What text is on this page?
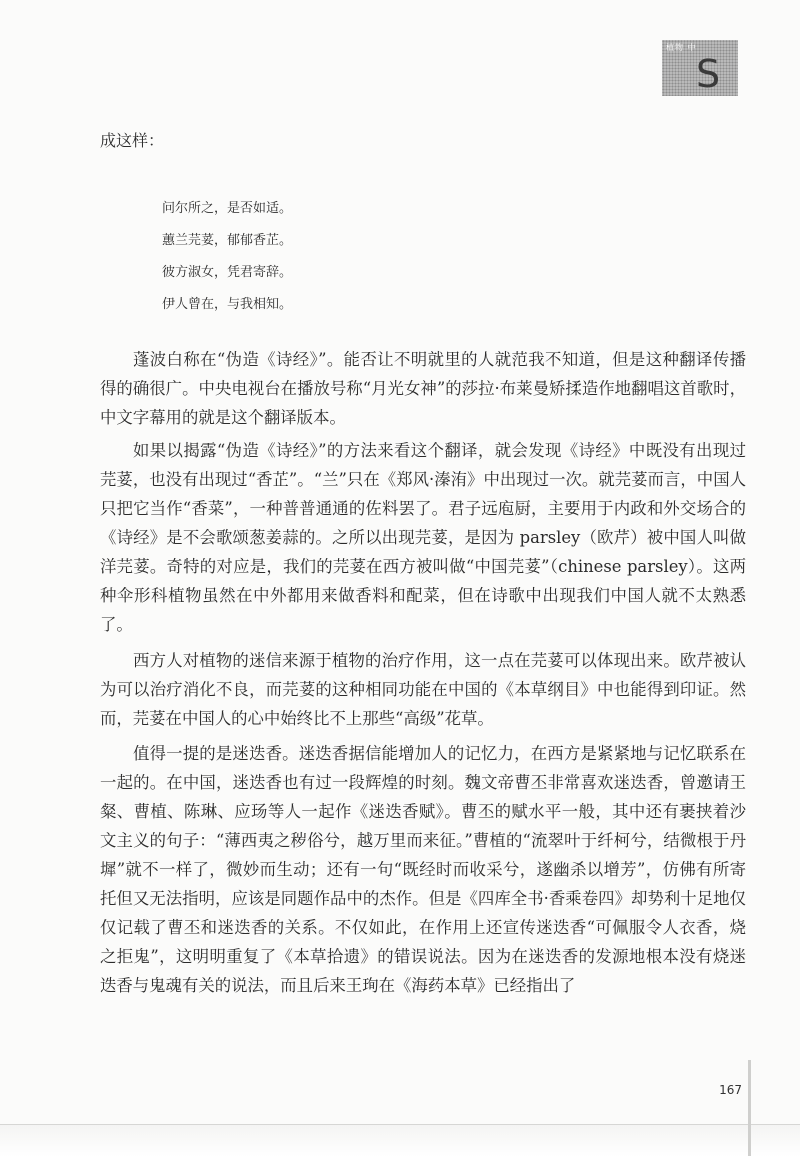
植物 中
S
成这样：
问尔所之，是否如适。
蕙兰芫荽，郁郁香芷。
彼方淑女，凭君寄辞。
伊人曾在，与我相知。

蓬波白称在“伪造《诗经》”。能否让不明就里的人就范我不知道，但是这种翻译传播得的确很广。中央电视台在播放号称“月光女神”的莎拉·布莱曼矫揉造作地翻唱这首歌时，中文字幕用的就是这个翻译版本。

如果以揭露“伪造《诗经》”的方法来看这个翻译，就会发现《诗经》中既没有出现过芫荽，也没有出现过“香芷”。“兰”只在《郑风·溱洧》中出现过一次。就芫荽而言，中国人只把它当作“香菜”，一种普普通通的佐料罢了。君子远庖厨，主要用于内政和外交场合的《诗经》是不会歌颂葱姜蒜的。之所以出现芫荽，是因为 parsley（欧芹）被中国人叫做洋芫荽。奇特的对应是，我们的芫荽在西方被叫做“中国芫荽”（chinese parsley）。这两种伞形科植物虽然在中外都用来做香料和配菜，但在诗歌中出现我们中国人就不太熟悉了。

西方人对植物的迷信来源于植物的治疗作用，这一点在芫荽可以体现出来。欧芹被认为可以治疗消化不良，而芫荽的这种相同功能在中国的《本草纲目》中也能得到印证。然而，芫荽在中国人的心中始终比不上那些“高级”花草。

值得一提的是迷迭香。迷迭香据信能增加人的记忆力，在西方是紧紧地与记忆联系在一起的。在中国，迷迭香也有过一段辉煌的时刻。魏文帝曹丕非常喜欢迷迭香，曾邀请王粲、曹植、陈琳、应玚等人一起作《迷迭香赋》。曹丕的赋水平一般，其中还有裹挟着沙文主义的句子：“薄西夷之秽俗兮，越万里而来征。”曹植的“流翠叶于纤柯兮，结微根于丹墀”就不一样了，微妙而生动；还有一句“既经时而收采兮，遂幽杀以增芳”，仿佛有所寄托但又无法指明，应该是同题作品中的杰作。但是《四库全书·香乘卷四》却势利十足地仅仅记载了曹丕和迷迭香的关系。不仅如此，在作用上还宣传迷迭香“可佩服令人衣香，烧之拒鬼”，这明明重复了《本草拾遗》的错误说法。因为在迷迭香的发源地根本没有烧迷迭香与鬼魂有关的说法，而且后来王珣在《海药本草》已经指出了

167
